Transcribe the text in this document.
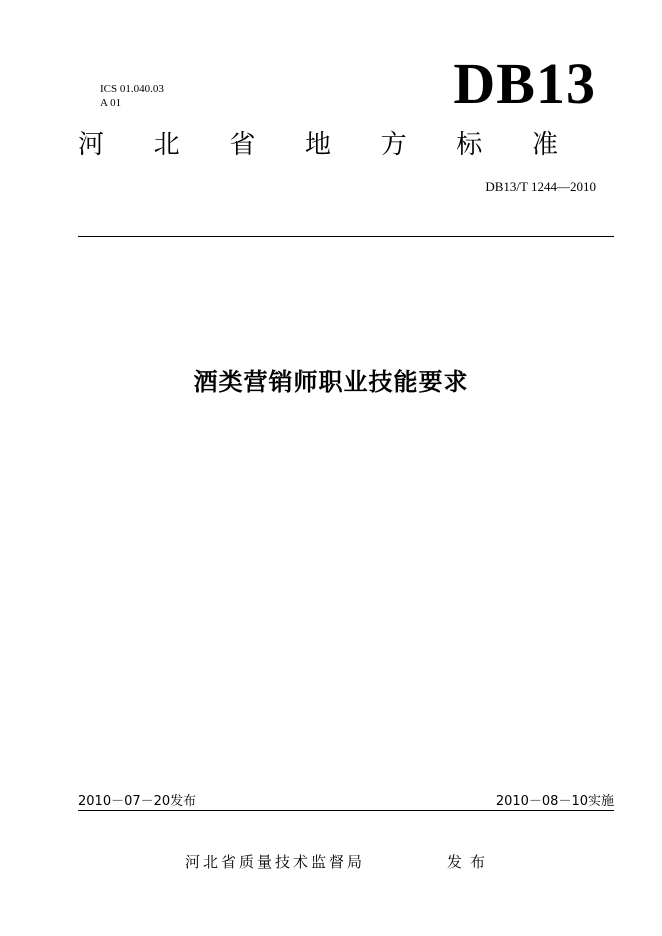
ICS 01.040.03
A 01	DB13
河 北 省 地 方 标 准
DB13/T 1244—2010
酒类营销师职业技能要求
2010－07－20发布	2010－08－10实施
河北省质量技术监督局	发布
